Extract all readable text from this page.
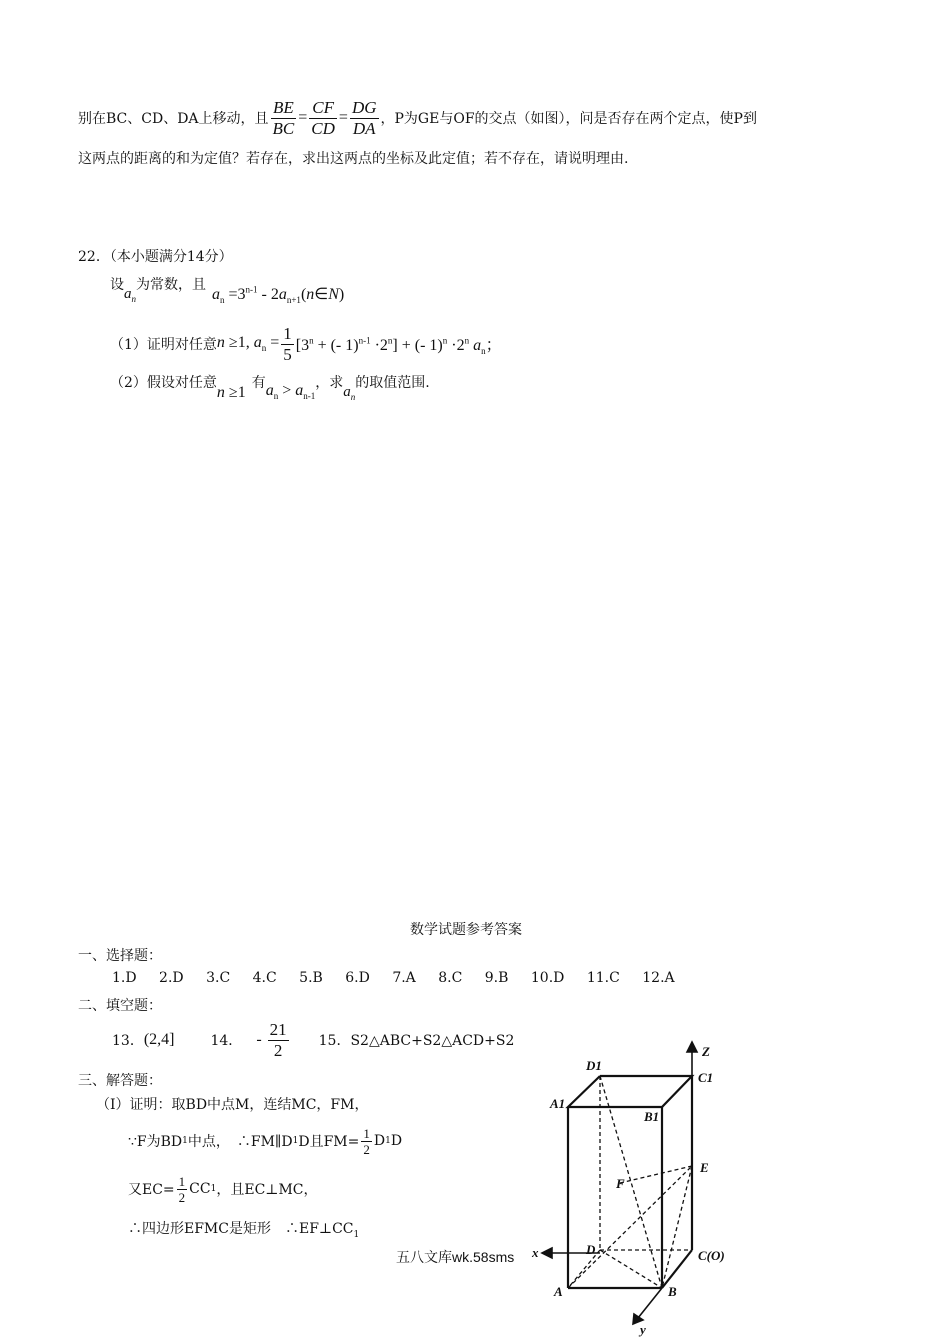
别在BC、CD、DA上移动，且 $\frac{BE}{BC} = \frac{CF}{CD} = \frac{DG}{DA}$ ，P为GE与OF的交点（如图），问是否存在两个定点，使P到
这两点的距离的和为定值？若存在，求出这两点的坐标及此定值；若不存在，请说明理由.
22．（本小题满分14分）
设
$a_n$
为常数，且
$a_n =3^{n-1}$ - $2a_{n+1}(n\in N)$
（1）证明对任意 n ≥1, $a_n = \frac{1}{5} [3^n$ + (- $1)^{n-1} \cdot 2^n$] + (- $1)^n \cdot 2^n$ $a_n$；
（2）假设对任意
n ≥1
有 $a_n > a_{n-1}$
，求
$a_n$
的取值范围.
数学试题参考答案
一、选择题：
1.D 2.D 3.C 4.C 5.B 6.D 7.A 8.C 9.B 10.D 11.C 12.A
二、填空题：
13． (2,4]	14． - $\frac{21}{2} 15$．S2△ABC+S2△ACD+S2
三、解答题：
（I）证明：取BD中点M，连结MC，FM，
∵F为BD 1 中点，　∴FM∥D 1 D且$FM= \frac{1}{2}$ D 1 D
又$EC= \frac{1}{2}$ CC 1 ，且EC⊥MC，
∴四边形EFMC是矩形　$\therefore EF\perp CC_1$
五八文库wk.58sms
D1
C1
A1
B1
Z
E
F
D	C(O)
A	B
x
y
